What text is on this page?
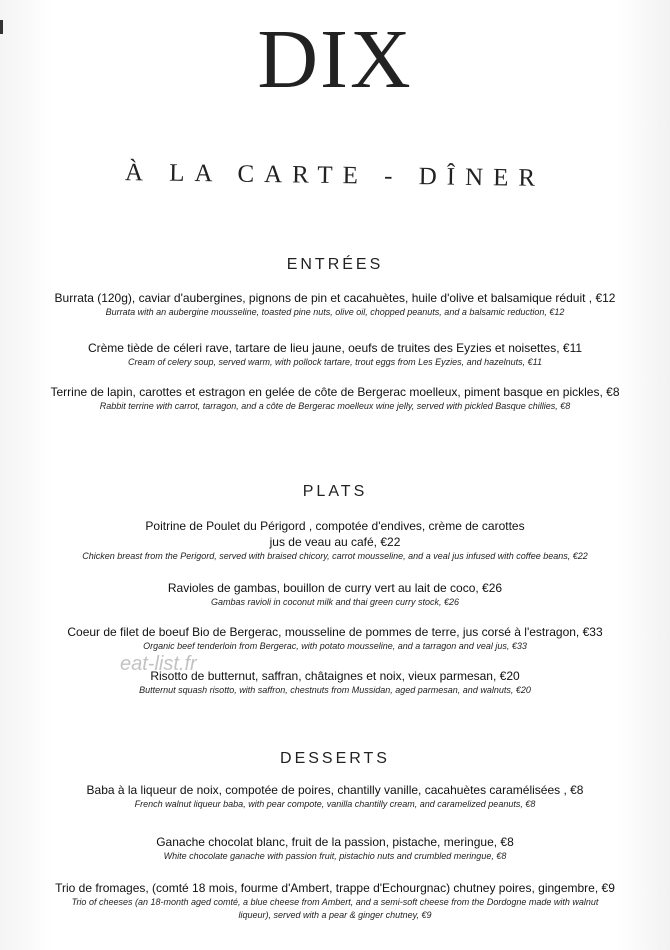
DIX
À LA CARTE - DÎNER
ENTRÉES
Burrata (120g), caviar d'aubergines, pignons de pin et cacahuètes, huile d'olive et balsamique réduit , €12
Burrata with an aubergine mousseline, toasted pine nuts, olive oil, chopped peanuts, and a balsamic reduction, €12
Crème tiède de céleri rave, tartare de lieu jaune, oeufs de truites des Eyzies et noisettes, €11
Cream of celery soup, served warm, with pollock tartare, trout eggs from Les Eyzies, and hazelnuts, €11
Terrine de lapin, carottes et estragon en gelée de côte de Bergerac moelleux, piment basque en pickles, €8
Rabbit terrine with carrot, tarragon, and a côte de Bergerac moelleux wine jelly, served with pickled Basque chillies, €8
PLATS
Poitrine de Poulet du Périgord , compotée d'endives, crème de carottes
jus de veau au café, €22
Chicken breast from the Perigord, served with braised chicory, carrot mousseline, and a veal jus infused with coffee beans, €22
Ravioles de gambas, bouillon de curry vert au lait de coco, €26
Gambas ravioli in coconut milk and thai green curry stock, €26
Coeur de filet de boeuf Bio de Bergerac, mousseline de pommes de terre, jus corsé à l'estragon, €33
Organic beef tenderloin from Bergerac, with potato mousseline, and a tarragon and veal jus, €33
Risotto de butternut, saffran, châtaignes et noix, vieux parmesan, €20
Butternut squash risotto, with saffron, chestnuts from Mussidan, aged parmesan, and walnuts, €20
eat-list.fr
DESSERTS
Baba à la liqueur de noix, compotée de poires, chantilly vanille, cacahuètes caramélisées , €8
French walnut liqueur baba, with pear compote, vanilla chantilly cream, and caramelized peanuts, €8
Ganache chocolat blanc, fruit de la passion, pistache, meringue, €8
White chocolate ganache with passion fruit, pistachio nuts and crumbled meringue, €8
Trio de fromages, (comté 18 mois, fourme d'Ambert, trappe d'Echourgnac) chutney poires, gingembre, €9
Trio of cheeses (an 18-month aged comté, a blue cheese from Ambert, and a semi-soft cheese from the Dordogne made with walnut
liqueur), served with a pear & ginger chutney, €9
